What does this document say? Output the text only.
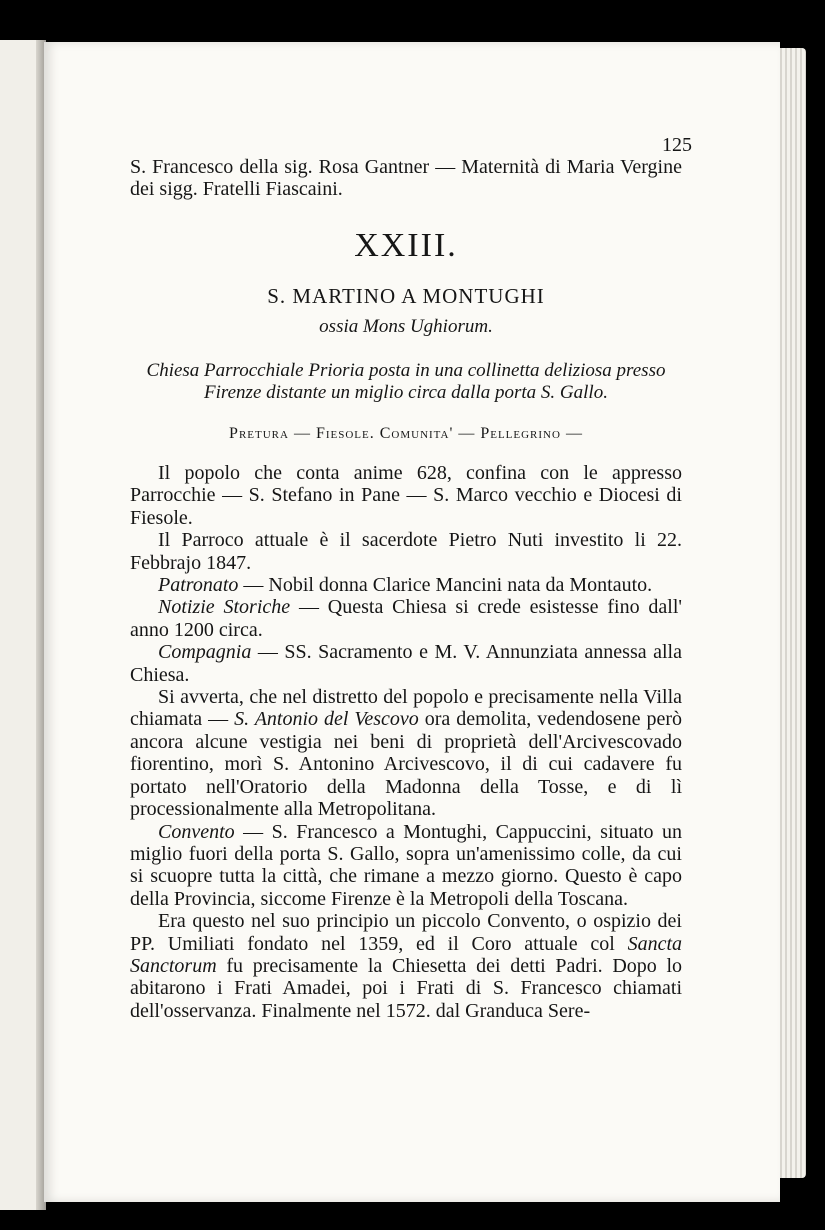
125
S. Francesco della sig. Rosa Gantner — Maternità di Maria Vergine dei sigg. Fratelli Fiascaini.
XXIII.
S. MARTINO A MONTUGHI
ossia Mons Ughiorum.
Chiesa Parrocchiale Prioria posta in una collinetta deliziosa presso Firenze distante un miglio circa dalla porta S. Gallo.
Pretura — Fiesole. Comunita' — Pellegrino —

Il popolo che conta anime 628, confina con le appresso Parrocchie — S. Stefano in Pane — S. Marco vecchio e Diocesi di Fiesole.

Il Parroco attuale è il sacerdote Pietro Nuti investito li 22. Febbrajo 1847.

Patronato — Nobil donna Clarice Mancini nata da Montauto.

Notizie Storiche — Questa Chiesa si crede esistesse fino dall' anno 1200 circa.

Compagnia — SS. Sacramento e M. V. Annunziata annessa alla Chiesa.

Si avverta, che nel distretto del popolo e precisamente nella Villa chiamata — S. Antonio del Vescovo ora demolita, vedendosene però ancora alcune vestigia nei beni di proprietà dell'Arcivescovado fiorentino, morì S. Antonino Arcivescovo, il di cui cadavere fu portato nell'Oratorio della Madonna della Tosse, e di lì processionalmente alla Metropolitana.

Convento — S. Francesco a Montughi, Cappuccini, situato un miglio fuori della porta S. Gallo, sopra un'amenissimo colle, da cui si scuopre tutta la città, che rimane a mezzo giorno. Questo è capo della Provincia, siccome Firenze è la Metropoli della Toscana.

Era questo nel suo principio un piccolo Convento, o ospizio dei PP. Umiliati fondato nel 1359, ed il Coro attuale col Sancta Sanctorum fu precisamente la Chiesetta dei detti Padri. Dopo lo abitarono i Frati Amadei, poi i Frati di S. Francesco chiamati dell'osservanza. Finalmente nel 1572. dal Granduca Sere-
